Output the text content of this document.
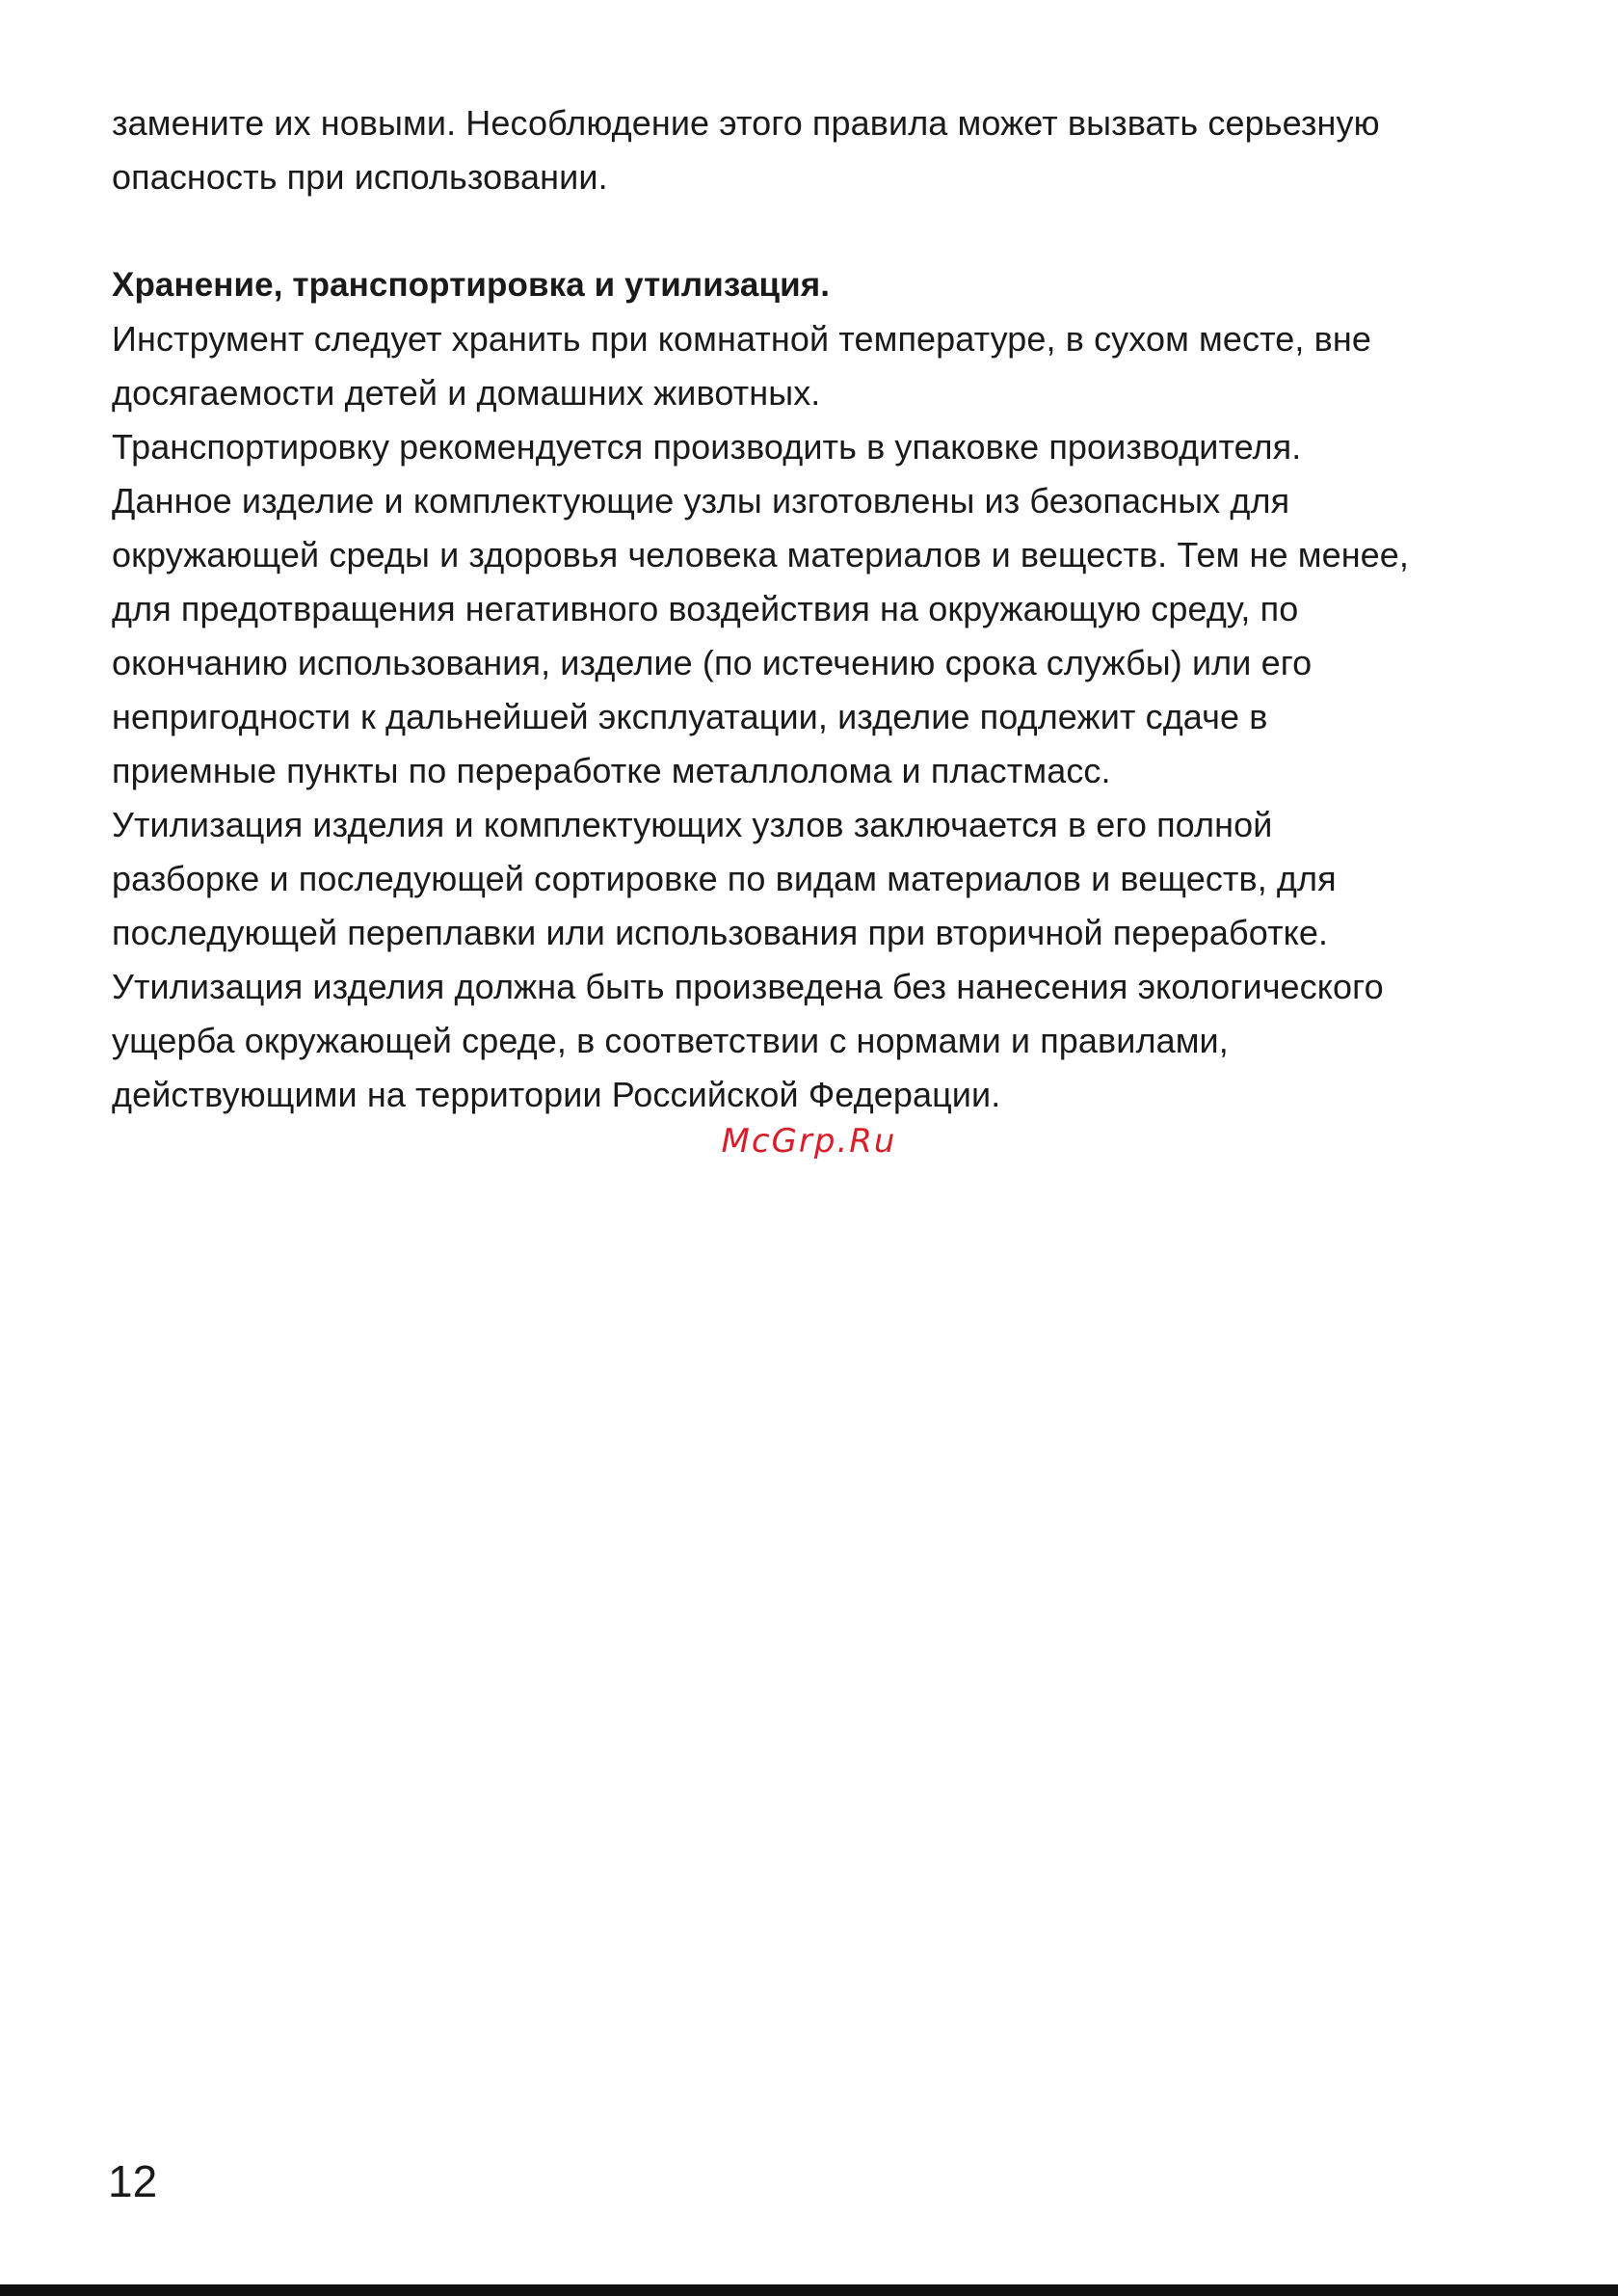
замените их новыми. Несоблюдение этого правила может вызвать серьезную
опасность при использовании.
Хранение, транспортировка и утилизация.
Инструмент следует хранить при комнатной температуре, в сухом месте, вне
досягаемости детей и домашних животных.
Транспортировку рекомендуется производить в упаковке производителя.
Данное изделие и комплектующие узлы изготовлены из безопасных для
окружающей среды и здоровья человека материалов и веществ. Тем не менее,
для предотвращения негативного воздействия на окружающую среду, по
окончанию использования, изделие (по истечению срока службы) или его
непригодности к дальнейшей эксплуатации, изделие подлежит сдаче в
приемные пункты по переработке металлолома и пластмасс.
Утилизация изделия и комплектующих узлов заключается в его полной
разборке и последующей сортировке по видам материалов и веществ, для
последующей переплавки или использования при вторичной переработке.
Утилизация изделия должна быть произведена без нанесения экологического
ущерба окружающей среде, в соответствии с нормами и правилами,
действующими на территории Российской Федерации.
McGrp.Ru
12
